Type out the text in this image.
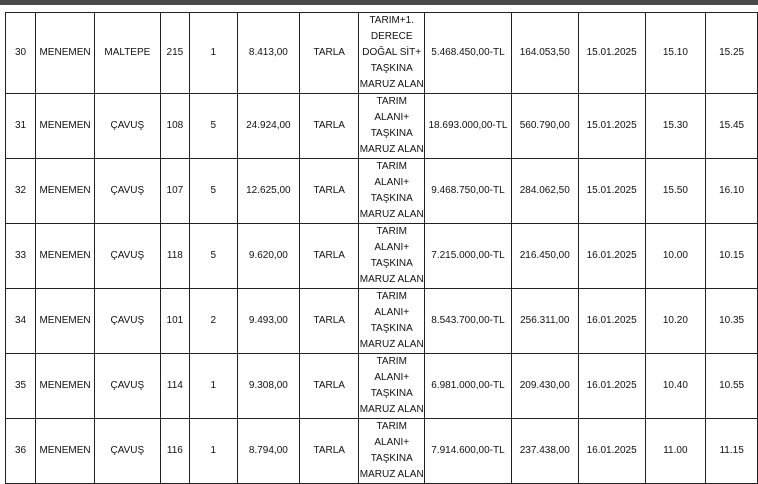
30	MENEMEN	MALTEPE	215	1	8.413,00	TARLA	TARIM+1.
DERECE
DOĞAL SİT+
TAŞKINA
MARUZ ALAN	5.468.450,00-TL	164.053,50	15.01.2025	15.10	15.25
31	MENEMEN	ÇAVUŞ	108	5	24.924,00	TARLA	TARIM
ALANI+
TAŞKINA
MARUZ ALAN	18.693.000,00-TL	560.790,00	15.01.2025	15.30	15.45
32	MENEMEN	ÇAVUŞ	107	5	12.625,00	TARLA	TARIM
ALANI+
TAŞKINA
MARUZ ALAN	9.468.750,00-TL	284.062,50	15.01.2025	15.50	16.10
33	MENEMEN	ÇAVUŞ	118	5	9.620,00	TARLA	TARIM
ALANI+
TAŞKINA
MARUZ ALAN	7.215.000,00-TL	216.450,00	16.01.2025	10.00	10.15
34	MENEMEN	ÇAVUŞ	101	2	9.493,00	TARLA	TARIM
ALANI+
TAŞKINA
MARUZ ALAN	8.543.700,00-TL	256.311,00	16.01.2025	10.20	10.35
35	MENEMEN	ÇAVUŞ	114	1	9.308,00	TARLA	TARIM
ALANI+
TAŞKINA
MARUZ ALAN	6.981.000,00-TL	209.430,00	16.01.2025	10.40	10.55
36	MENEMEN	ÇAVUŞ	116	1	8.794,00	TARLA	TARIM
ALANI+
TAŞKINA
MARUZ ALAN	7.914.600,00-TL	237.438,00	16.01.2025	11.00	11.15
